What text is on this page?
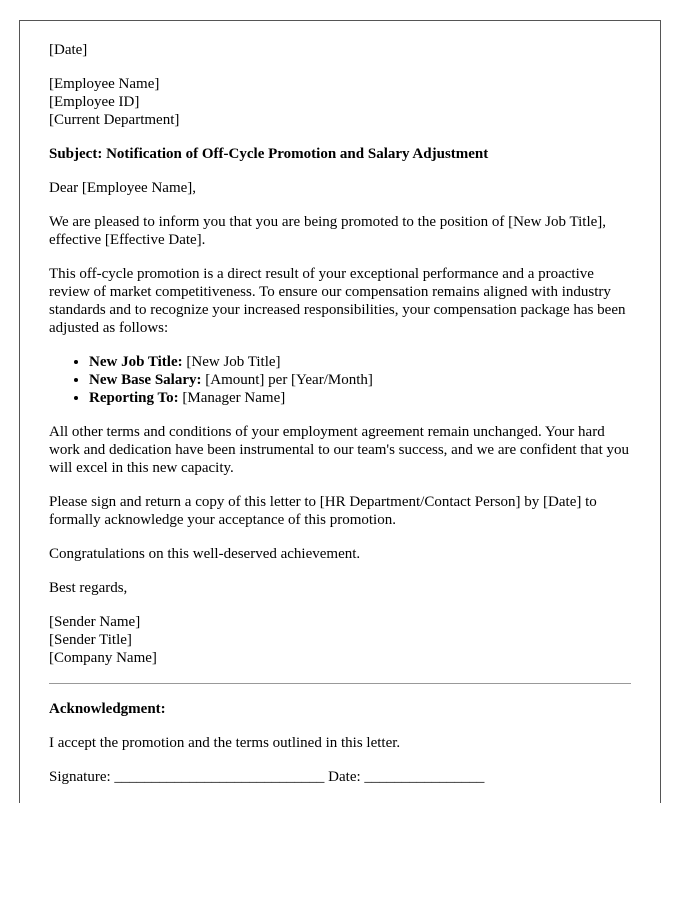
[Date]

[Employee Name]
[Employee ID]
[Current Department]

Subject: Notification of Off-Cycle Promotion and Salary Adjustment

Dear [Employee Name],

We are pleased to inform you that you are being promoted to the position of [New Job Title], effective [Effective Date].

This off-cycle promotion is a direct result of your exceptional performance and a proactive review of market competitiveness. To ensure our compensation remains aligned with industry standards and to recognize your increased responsibilities, your compensation package has been adjusted as follows:

• New Job Title: [New Job Title]
• New Base Salary: [Amount] per [Year/Month]
• Reporting To: [Manager Name]

All other terms and conditions of your employment agreement remain unchanged. Your hard work and dedication have been instrumental to our team's success, and we are confident that you will excel in this new capacity.

Please sign and return a copy of this letter to [HR Department/Contact Person] by [Date] to formally acknowledge your acceptance of this promotion.

Congratulations on this well-deserved achievement.

Best regards,

[Sender Name]
[Sender Title]
[Company Name]

Acknowledgment:

I accept the promotion and the terms outlined in this letter.

Signature: ____________________________ Date: ________________
